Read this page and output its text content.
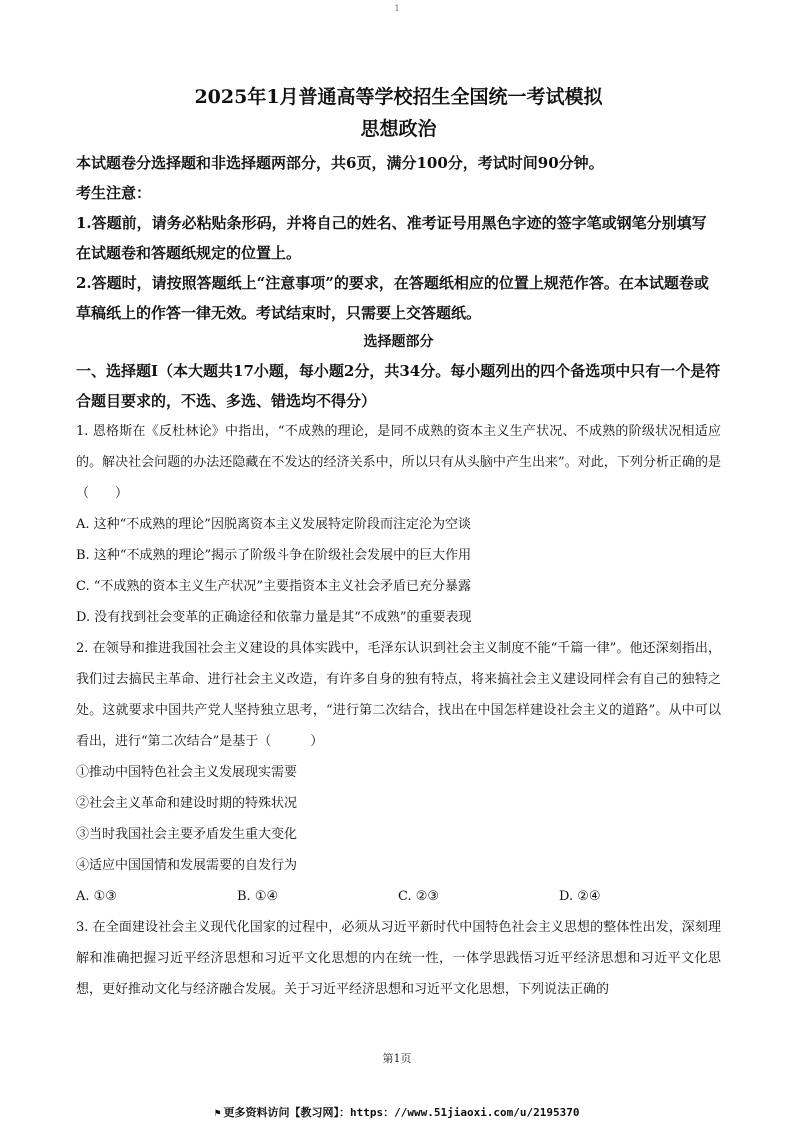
1
2025年1月普通高等学校招生全国统一考试模拟
思想政治

本试题卷分选择题和非选择题两部分，共6页，满分100分，考试时间90分钟。

考生注意：

1.答题前，请务必粘贴条形码，并将自己的姓名、准考证号用黑色字迹的签字笔或钢笔分别填写在试题卷和答题纸规定的位置上。

2.答题时，请按照答题纸上“注意事项”的要求，在答题纸相应的位置上规范作答。在本试题卷或草稿纸上的作答一律无效。考试结束时，只需要上交答题纸。

选择题部分

一、选择题Ⅰ（本大题共17小题，每小题2分，共34分。每小题列出的四个备选项中只有一个是符合题目要求的，不选、多选、错选均不得分）

1. 恩格斯在《反杜林论》中指出，“不成熟的理论，是同不成熟的资本主义生产状况、不成熟的阶级状况相适应的。解决社会问题的办法还隐藏在不发达的经济关系中，所以只有从头脑中产生出来”。对此，下列分析正确的是（　　）

A. 这种“不成熟的理论”因脱离资本主义发展特定阶段而注定沦为空谈

B. 这种“不成熟的理论”揭示了阶级斗争在阶级社会发展中的巨大作用

C. “不成熟的资本主义生产状况”主要指资本主义社会矛盾已充分暴露

D. 没有找到社会变革的正确途径和依靠力量是其“不成熟”的重要表现

2. 在领导和推进我国社会主义建设的具体实践中，毛泽东认识到社会主义制度不能“千篇一律”。他还深刻指出，我们过去搞民主革命、进行社会主义改造，有许多自身的独有特点，将来搞社会主义建设同样会有自己的独特之处。这就要求中国共产党人坚持独立思考，“进行第二次结合，找出在中国怎样建设社会主义的道路”。从中可以看出，进行“第二次结合”是基于（　　　）

①推动中国特色社会主义发展现实需要

②社会主义革命和建设时期的特殊状况

③当时我国社会主要矛盾发生重大变化

④适应中国国情和发展需要的自发行为

A. ①③	B. ①④	C. ②③	D. ②④

3. 在全面建设社会主义现代化国家的过程中，必须从习近平新时代中国特色社会主义思想的整体性出发，深刻理解和准确把握习近平经济思想和习近平文化思想的内在统一性，一体学思践悟习近平经济思想和习近平文化思想，更好推动文化与经济融合发展。关于习近平经济思想和习近平文化思想，下列说法正确的

第1页
⚑ 更多资料访问【教习网】：https：//www.51jiaoxi.com/u/2195370
